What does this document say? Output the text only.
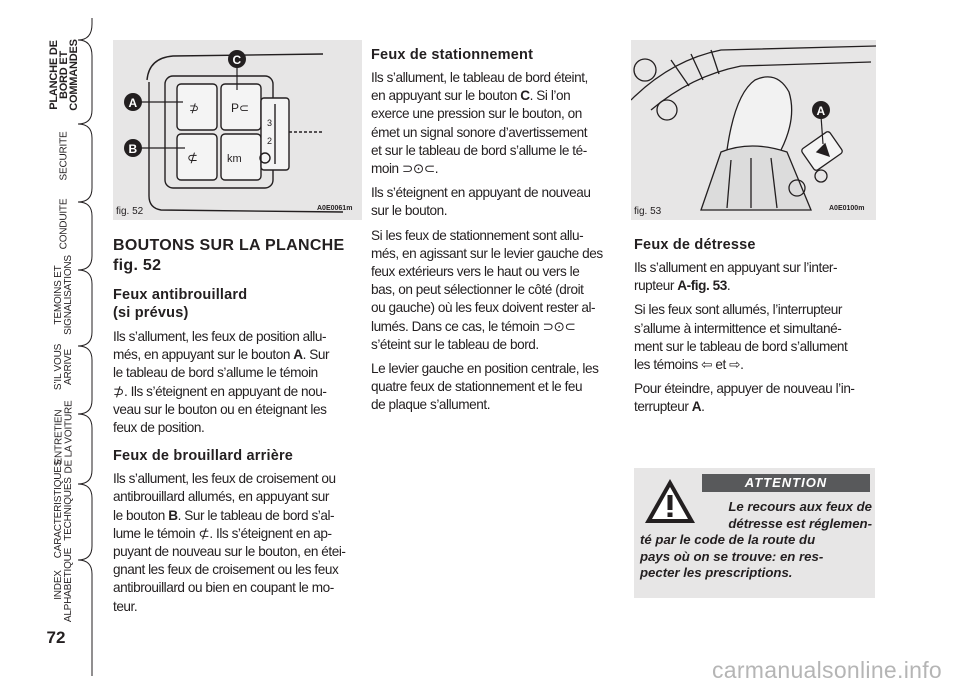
PLANCHE DE
BORD ET
COMMANDES
SECURITE
CONDUITE
TEMOINS ET
SIGNALISATIONS
S’IL VOUS
ARRIVE
ENTRETIEN
DE LA VOITURE
CARACTERISTIQUES
TECHNIQUES
INDEX
ALPHABETIQUE
72
⊅	P⊂
⊄	km
3
2
A
B
C
fig. 52	A0E0061m
A
fig. 53	A0E0100m
BOUTONS SUR LA PLANCHE
fig. 52
Feux antibrouillard
(si prévus)
Ils s’allument, les feux de position allu-
més, en appuyant sur le bouton A. Sur
le tableau de bord s’allume le témoin
⊅. Ils s’éteignent en appuyant de nou-
veau sur le bouton ou en éteignant les
feux de position.
Feux de brouillard arrière
Ils s’allument, les feux de croisement ou
antibrouillard allumés, en appuyant sur
le bouton B. Sur le tableau de bord s’al-
lume le témoin ⊄. Ils s’éteignent en ap-
puyant de nouveau sur le bouton, en étei-
gnant les feux de croisement ou les feux
antibrouillard ou bien en coupant le mo-
teur.
Feux de stationnement
Ils s’allument, le tableau de bord éteint,
en appuyant sur le bouton C. Si l’on
exerce une pression sur le bouton, on
émet un signal sonore d’avertissement
et sur le tableau de bord s’allume le té-
moin ⊃⊙⊂.
Ils s’éteignent en appuyant de nouveau
sur le bouton.
Si les feux de stationnement sont allu-
més, en agissant sur le levier gauche des
feux extérieurs vers le haut ou vers le
bas, on peut sélectionner le côté (droit
ou gauche) où les feux doivent rester al-
lumés. Dans ce cas, le témoin ⊃⊙⊂
s’éteint sur le tableau de bord.
Le levier gauche en position centrale, les
quatre feux de stationnement et le feu
de plaque s’allument.
Feux de détresse
Ils s’allument en appuyant sur l’inter-
rupteur A-fig. 53.
Si les feux sont allumés, l’interrupteur
s’allume à intermittence et simultané-
ment sur le tableau de bord s’allument
les témoins ⇦ et ⇨.
Pour éteindre, appuyer de nouveau l’in-
terrupteur A.
ATTENTION
Le recours aux feux de
détresse est réglemen-
té par le code de la route du
pays où on se trouve: en res-
pecter les prescriptions.
carmanualsonline.info
